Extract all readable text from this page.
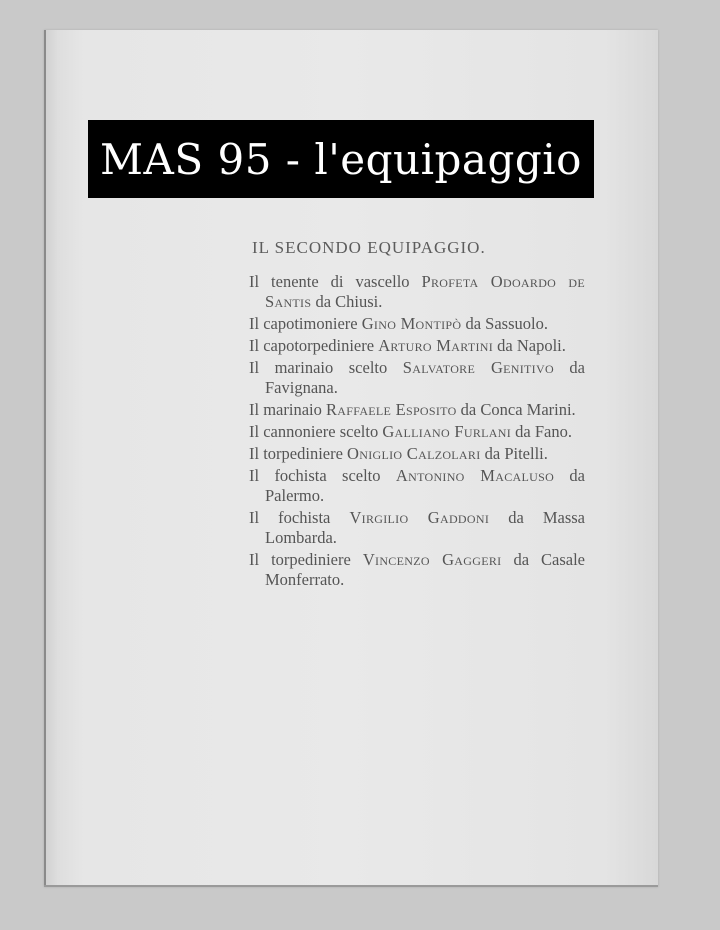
MAS 95 - l'equipaggio
IL SECONDO EQUIPAGGIO.
Il tenente di vascello Profeta Odoardo de Santis da Chiusi.
Il capotimoniere Gino Montipò da Sassuolo.
Il capotorpediniere Arturo Martini da Napoli.
Il marinaio scelto Salvatore Genitivo da Favignana.
Il marinaio Raffaele Esposito da Conca Marini.
Il cannoniere scelto Galliano Furlani da Fano.
Il torpediniere Oniglio Calzolari da Pitelli.
Il fochista scelto Antonino Macaluso da Palermo.
Il fochista Virgilio Gaddoni da Massa Lombarda.
Il torpediniere Vincenzo Gaggeri da Casale Monferrato.
